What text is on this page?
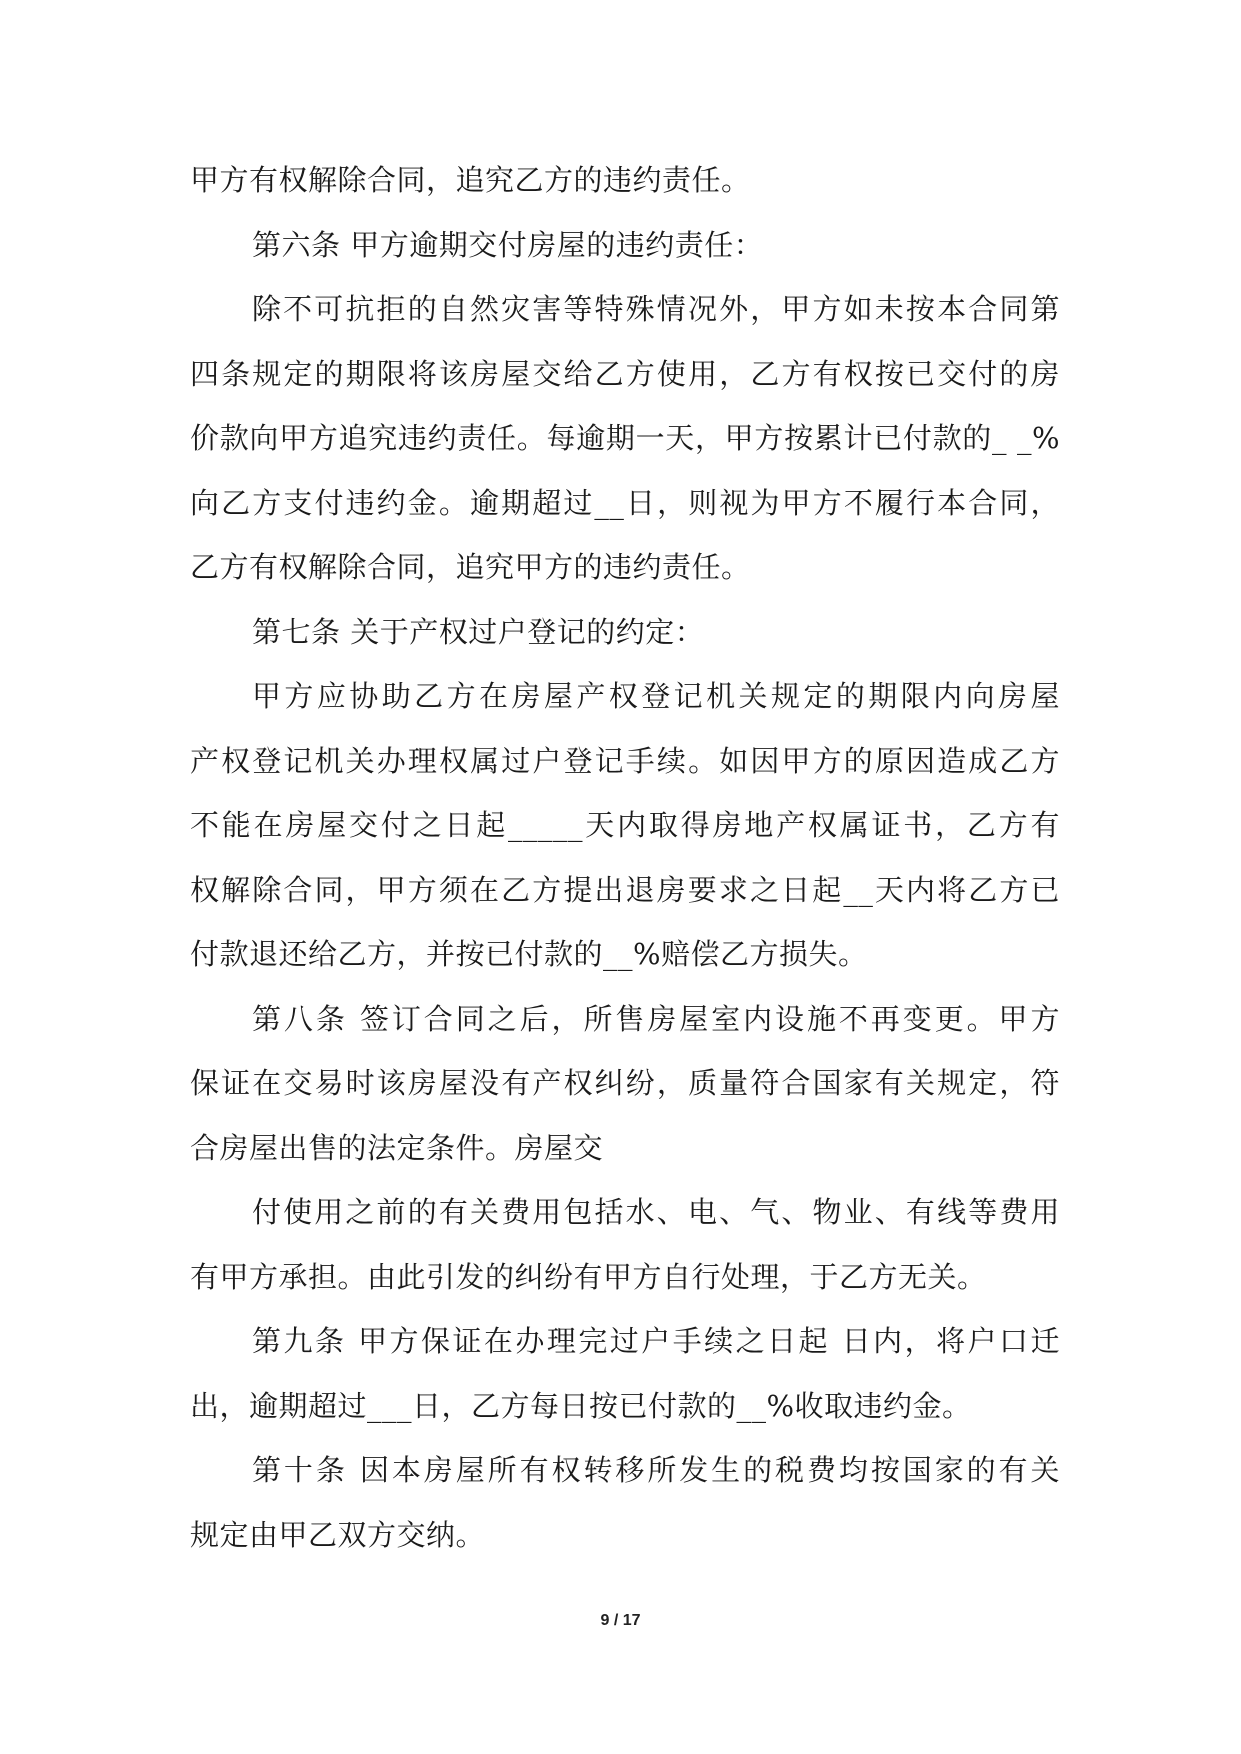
甲方有权解除合同，追究乙方的违约责任。
第六条 甲方逾期交付房屋的违约责任：
除不可抗拒的自然灾害等特殊情况外，甲方如未按本合同第
四条规定的期限将该房屋交给乙方使用，乙方有权按已交付的房
价款向甲方追究违约责任。每逾期一天，甲方按累计已付款的_ _%
向乙方支付违约金。逾期超过__日，则视为甲方不履行本合同，
乙方有权解除合同，追究甲方的违约责任。
第七条 关于产权过户登记的约定：
甲方应协助乙方在房屋产权登记机关规定的期限内向房屋
产权登记机关办理权属过户登记手续。如因甲方的原因造成乙方
不能在房屋交付之日起_____天内取得房地产权属证书，乙方有
权解除合同，甲方须在乙方提出退房要求之日起__天内将乙方已
付款退还给乙方，并按已付款的__%赔偿乙方损失。
第八条 签订合同之后，所售房屋室内设施不再变更。甲方
保证在交易时该房屋没有产权纠纷，质量符合国家有关规定，符
合房屋出售的法定条件。房屋交
付使用之前的有关费用包括水、电、气、物业、有线等费用
有甲方承担。由此引发的纠纷有甲方自行处理，于乙方无关。
第九条 甲方保证在办理完过户手续之日起 日内，将户口迁
出，逾期超过___日，乙方每日按已付款的__%收取违约金。
第十条 因本房屋所有权转移所发生的税费均按国家的有关
规定由甲乙双方交纳。
9 / 17
